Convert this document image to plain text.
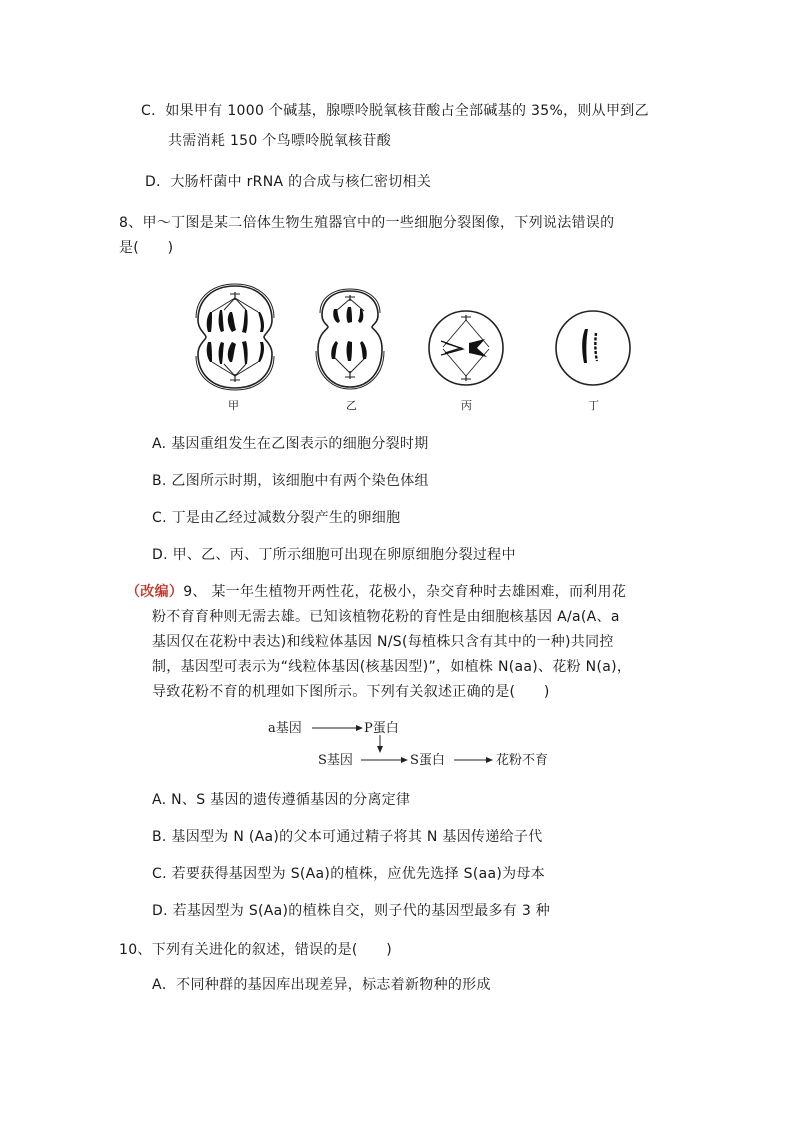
C．如果甲有 1000 个碱基，腺嘌呤脱氧核苷酸占全部碱基的 35%，则从甲到乙
共需消耗 150 个鸟嘌呤脱氧核苷酸
D．大肠杆菌中 rRNA 的合成与核仁密切相关
8、甲～丁图是某二倍体生物生殖器官中的一些细胞分裂图像，下列说法错误的
是(　　)
甲	乙	丙	丁
A. 基因重组发生在乙图表示的细胞分裂时期
B. 乙图所示时期，该细胞中有两个染色体组
C. 丁是由乙经过减数分裂产生的卵细胞
D. 甲、乙、丙、丁所示细胞可出现在卵原细胞分裂过程中
（改编）9、 某一年生植物开两性花，花极小，杂交育种时去雄困难，而利用花
粉不育育种则无需去雄。已知该植物花粉的育性是由细胞核基因 A/a(A、a
基因仅在花粉中表达)和线粒体基因 N/S(每植株只含有其中的一种)共同控
制，基因型可表示为“线粒体基因(核基因型)”，如植株 N(aa)、花粉 N(a)，
导致花粉不育的机理如下图所示。下列有关叙述正确的是(　　)
a基因	P蛋白
S基因	S蛋白	花粉不育
A. N、S 基因的遗传遵循基因的分离定律
B. 基因型为 N (Aa)的父本可通过精子将其 N 基因传递给子代
C. 若要获得基因型为 S(Aa)的植株，应优先选择 S(aa)为母本
D. 若基因型为 S(Aa)的植株自交，则子代的基因型最多有 3 种
10、下列有关进化的叙述，错误的是(　　)
A．不同种群的基因库出现差异，标志着新物种的形成
